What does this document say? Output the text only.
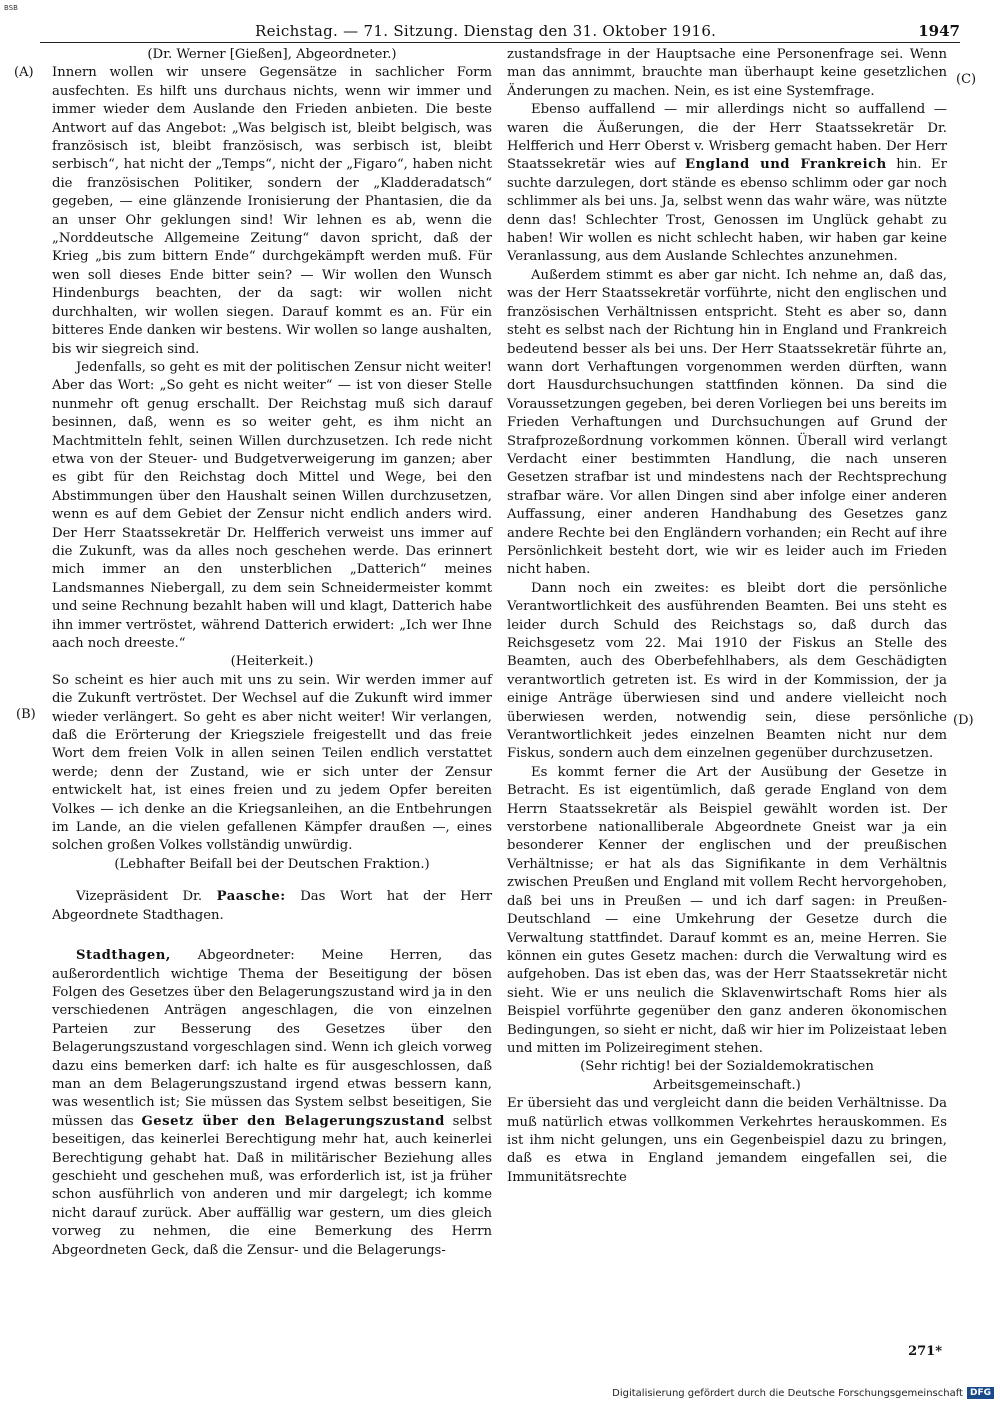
BSB
Reichstag. — 71. Sitzung. Dienstag den 31. Oktober 1916.	1947
(A)
(B)
(C)
(D)

(Dr. Werner [Gießen], Abgeordneter.)

Innern wollen wir unsere Gegensätze in sachlicher Form ausfechten. Es hilft uns durchaus nichts, wenn wir immer und immer wieder dem Auslande den Frieden anbieten. Die beste Antwort auf das Angebot: „Was belgisch ist, bleibt belgisch, was französisch ist, bleibt französisch, was serbisch ist, bleibt serbisch“, hat nicht der „Temps“, nicht der „Figaro“, haben nicht die französischen Politiker, sondern der „Kladderadatsch“ gegeben, — eine glänzende Ironisierung der Phantasien, die da an unser Ohr geklungen sind! Wir lehnen es ab, wenn die „Norddeutsche Allgemeine Zeitung“ davon spricht, daß der Krieg „bis zum bittern Ende“ durchgekämpft werden muß. Für wen soll dieses Ende bitter sein? — Wir wollen den Wunsch Hindenburgs beachten, der da sagt: wir wollen nicht durchhalten, wir wollen siegen. Darauf kommt es an. Für ein bitteres Ende danken wir bestens. Wir wollen so lange aushalten, bis wir siegreich sind.

Jedenfalls, so geht es mit der politischen Zensur nicht weiter! Aber das Wort: „So geht es nicht weiter“ — ist von dieser Stelle nunmehr oft genug erschallt. Der Reichstag muß sich darauf besinnen, daß, wenn es so weiter geht, es ihm nicht an Machtmitteln fehlt, seinen Willen durchzusetzen. Ich rede nicht etwa von der Steuer- und Budgetverweigerung im ganzen; aber es gibt für den Reichstag doch Mittel und Wege, bei den Abstimmungen über den Haushalt seinen Willen durchzusetzen, wenn es auf dem Gebiet der Zensur nicht endlich anders wird. Der Herr Staatssekretär Dr. Helfferich verweist uns immer auf die Zukunft, was da alles noch geschehen werde. Das erinnert mich immer an den unsterblichen „Datterich“ meines Landsmannes Niebergall, zu dem sein Schneidermeister kommt und seine Rechnung bezahlt haben will und klagt, Datterich habe ihn immer vertröstet, während Datterich erwidert: „Ich wer Ihne aach noch dreeste.“

(Heiterkeit.)

So scheint es hier auch mit uns zu sein. Wir werden immer auf die Zukunft vertröstet. Der Wechsel auf die Zukunft wird immer wieder verlängert. So geht es aber nicht weiter! Wir verlangen, daß die Erörterung der Kriegsziele freigestellt und das freie Wort dem freien Volk in allen seinen Teilen endlich verstattet werde; denn der Zustand, wie er sich unter der Zensur entwickelt hat, ist eines freien und zu jedem Opfer bereiten Volkes — ich denke an die Kriegsanleihen, an die Entbehrungen im Lande, an die vielen gefallenen Kämpfer draußen —, eines solchen großen Volkes vollständig unwürdig.

(Lebhafter Beifall bei der Deutschen Fraktion.)

Vizepräsident Dr. Paasche: Das Wort hat der Herr Abgeordnete Stadthagen.

Stadthagen, Abgeordneter: Meine Herren, das außerordentlich wichtige Thema der Beseitigung der bösen Folgen des Gesetzes über den Belagerungszustand wird ja in den verschiedenen Anträgen angeschlagen, die von einzelnen Parteien zur Besserung des Gesetzes über den Belagerungszustand vorgeschlagen sind. Wenn ich gleich vorweg dazu eins bemerken darf: ich halte es für ausgeschlossen, daß man an dem Belagerungszustand irgend etwas bessern kann, was wesentlich ist; Sie müssen das System selbst beseitigen, Sie müssen das Gesetz über den Belagerungszustand selbst beseitigen, das keinerlei Berechtigung mehr hat, auch keinerlei Berechtigung gehabt hat. Daß in militärischer Beziehung alles geschieht und geschehen muß, was erforderlich ist, ist ja früher schon ausführlich von anderen und mir dargelegt; ich komme nicht darauf zurück. Aber auffällig war gestern, um dies gleich vorweg zu nehmen, die eine Bemerkung des Herrn Abgeordneten Geck, daß die Zensur- und die Belagerungs-

zustandsfrage in der Hauptsache eine Personenfrage sei. Wenn man das annimmt, brauchte man überhaupt keine gesetzlichen Änderungen zu machen. Nein, es ist eine Systemfrage.

Ebenso auffallend — mir allerdings nicht so auffallend — waren die Äußerungen, die der Herr Staatssekretär Dr. Helfferich und Herr Oberst v. Wrisberg gemacht haben. Der Herr Staatssekretär wies auf England und Frankreich hin. Er suchte darzulegen, dort stände es ebenso schlimm oder gar noch schlimmer als bei uns. Ja, selbst wenn das wahr wäre, was nützte denn das! Schlechter Trost, Genossen im Unglück gehabt zu haben! Wir wollen es nicht schlecht haben, wir haben gar keine Veranlassung, aus dem Auslande Schlechtes anzunehmen.

Außerdem stimmt es aber gar nicht. Ich nehme an, daß das, was der Herr Staatssekretär vorführte, nicht den englischen und französischen Verhältnissen entspricht. Steht es aber so, dann steht es selbst nach der Richtung hin in England und Frankreich bedeutend besser als bei uns. Der Herr Staatssekretär führte an, wann dort Verhaftungen vorgenommen werden dürften, wann dort Hausdurchsuchungen stattfinden können. Da sind die Voraussetzungen gegeben, bei deren Vorliegen bei uns bereits im Frieden Verhaftungen und Durchsuchungen auf Grund der Strafprozeßordnung vorkommen können. Überall wird verlangt Verdacht einer bestimmten Handlung, die nach unseren Gesetzen strafbar ist und mindestens nach der Rechtsprechung strafbar wäre. Vor allen Dingen sind aber infolge einer anderen Auffassung, einer anderen Handhabung des Gesetzes ganz andere Rechte bei den Engländern vorhanden; ein Recht auf ihre Persönlichkeit besteht dort, wie wir es leider auch im Frieden nicht haben.

Dann noch ein zweites: es bleibt dort die persönliche Verantwortlichkeit des ausführenden Beamten. Bei uns steht es leider durch Schuld des Reichstags so, daß durch das Reichsgesetz vom 22. Mai 1910 der Fiskus an Stelle des Beamten, auch des Oberbefehlhabers, als dem Geschädigten verantwortlich getreten ist. Es wird in der Kommission, der ja einige Anträge überwiesen sind und andere vielleicht noch überwiesen werden, notwendig sein, diese persönliche Verantwortlichkeit jedes einzelnen Beamten nicht nur dem Fiskus, sondern auch dem einzelnen gegenüber durchzusetzen.

Es kommt ferner die Art der Ausübung der Gesetze in Betracht. Es ist eigentümlich, daß gerade England von dem Herrn Staatssekretär als Beispiel gewählt worden ist. Der verstorbene nationalliberale Abgeordnete Gneist war ja ein besonderer Kenner der englischen und der preußischen Verhältnisse; er hat als das Signifikante in dem Verhältnis zwischen Preußen und England mit vollem Recht hervorgehoben, daß bei uns in Preußen — und ich darf sagen: in Preußen-Deutschland — eine Umkehrung der Gesetze durch die Verwaltung stattfindet. Darauf kommt es an, meine Herren. Sie können ein gutes Gesetz machen: durch die Verwaltung wird es aufgehoben. Das ist eben das, was der Herr Staatssekretär nicht sieht. Wie er uns neulich die Sklavenwirtschaft Roms hier als Beispiel vorführte gegenüber den ganz anderen ökonomischen Bedingungen, so sieht er nicht, daß wir hier im Polizeistaat leben und mitten im Polizeiregiment stehen.

(Sehr richtig! bei der Sozialdemokratischen Arbeitsgemeinschaft.)

Er übersieht das und vergleicht dann die beiden Verhältnisse. Da muß natürlich etwas vollkommen Verkehrtes herauskommen. Es ist ihm nicht gelungen, uns ein Gegenbeispiel dazu zu bringen, daß es etwa in England jemandem eingefallen sei, die Immunitätsrechte

271*
Digitalisierung gefördert durch die Deutsche Forschungsgemeinschaft DFG
